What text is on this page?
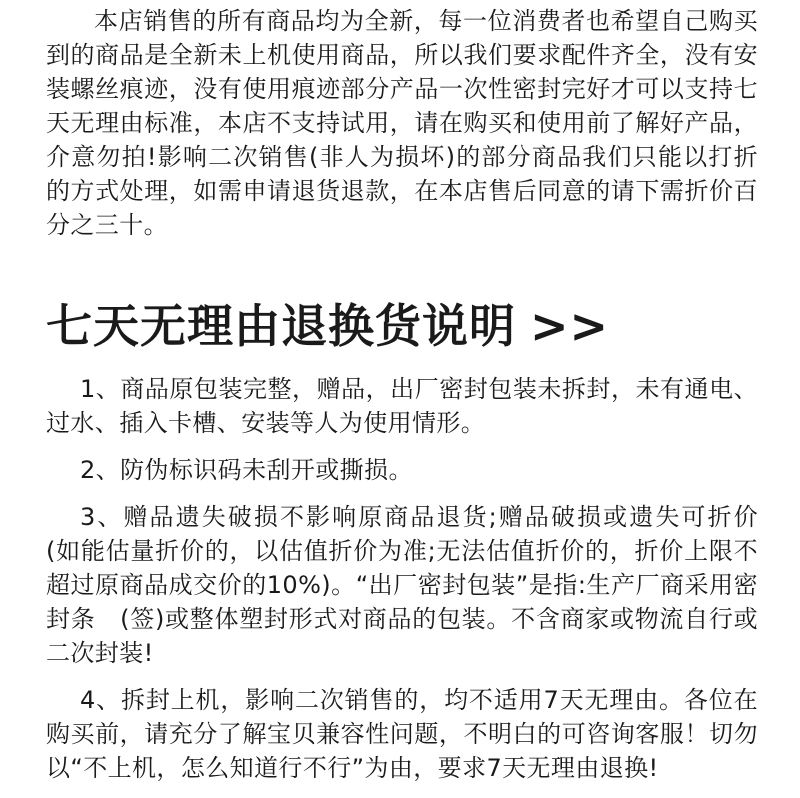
本店销售的所有商品均为全新，每一位消费者也希望自己购买到的商品是全新未上机使用商品，所以我们要求配件齐全，没有安装螺丝痕迹，没有使用痕迹部分产品一次性密封完好才可以支持七天无理由标准，本店不支持试用，请在购买和使用前了解好产品，介意勿拍!影响二次销售(非人为损坏)的部分商品我们只能以打折的方式处理，如需申请退货退款，在本店售后同意的请下需折价百分之三十。

七天无理由退换货说明 >>

1、商品原包装完整，赠品，出厂密封包装未拆封，未有通电、过水、插入卡槽、安装等人为使用情形。

2、防伪标识码未刮开或撕损。

3、赠品遗失破损不影响原商品退货;赠品破损或遗失可折价　(如能估量折价的，以估值折价为准;无法估值折价的，折价上限不超过原商品成交价的10%)。“出厂密封包装”是指:生产厂商采用密封条　(签)或整体塑封形式对商品的包装。不含商家或物流自行或二次封装!

4、拆封上机，影响二次销售的，均不适用7天无理由。各位在购买前，请充分了解宝贝兼容性问题，不明白的可咨询客服！切勿以“不上机，怎么知道行不行”为由，要求7天无理由退换!
